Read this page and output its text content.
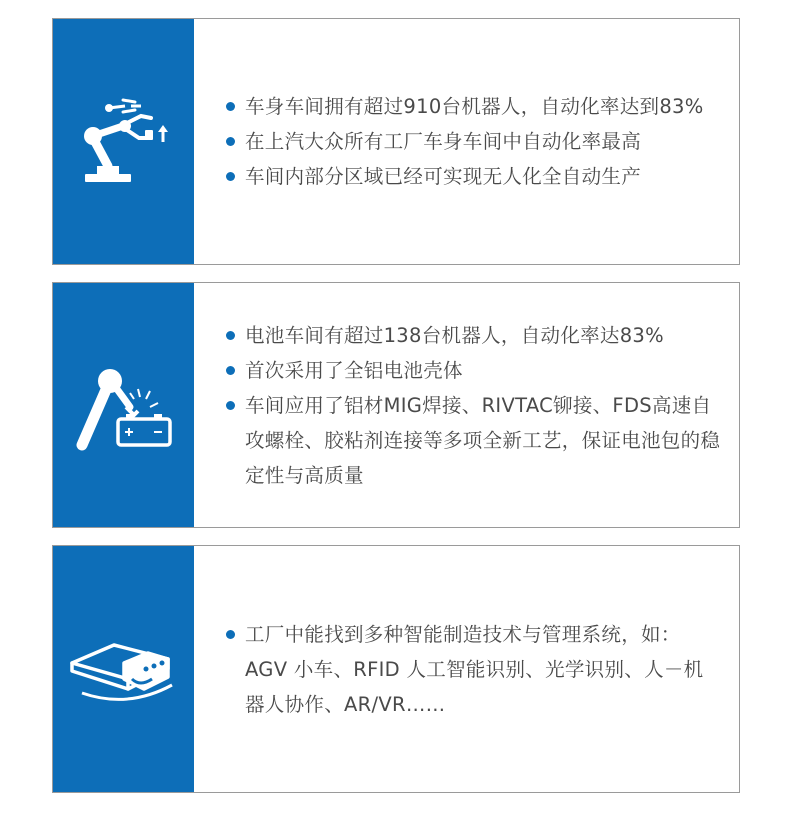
车身车间拥有超过910台机器人，自动化率达到83%
在上汽大众所有工厂车身车间中自动化率最高
车间内部分区域已经可实现无人化全自动生产
电池车间有超过138台机器人，自动化率达83%
首次采用了全铝电池壳体
车间应用了铝材MIG焊接、RIVTAC铆接、FDS高速自攻螺栓、胶粘剂连接等多项全新工艺，保证电池包的稳定性与高质量
工厂中能找到多种智能制造技术与管理系统，如：AGV 小车、RFID 人工智能识别、光学识别、人－机器人协作、AR/VR……
